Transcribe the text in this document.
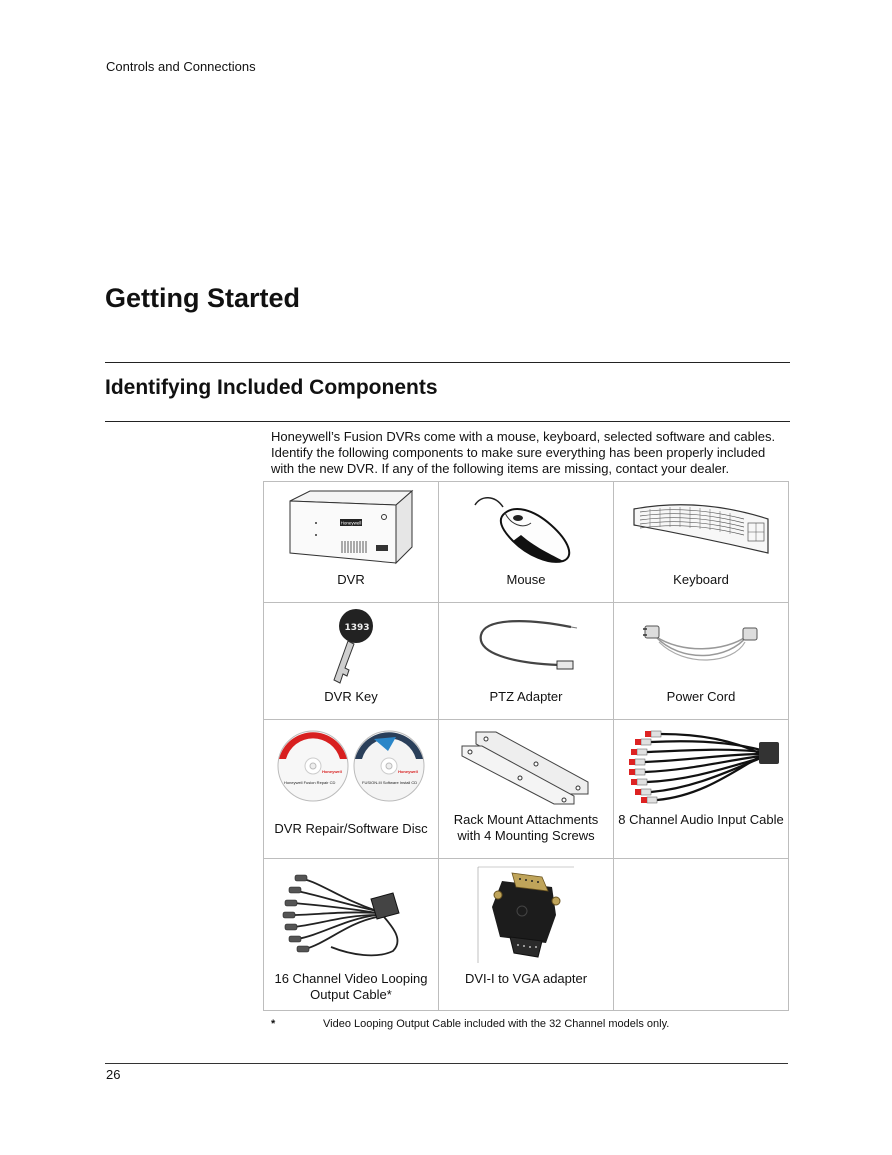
Controls and Connections
Getting Started
Identifying Included Components

Honeywell’s Fusion DVRs come with a mouse, keyboard, selected software and cables. Identify the following components to make sure everything has been properly included with the new DVR. If any of the following items are missing, contact your dealer.

Honeywell
DVR	Mouse	Keyboard

1393
DVR Key	PTZ Adapter	Power Cord

Honeywell Fusion Repair CD
Honeywell
FUSION-III Software Install CD
Honeywell
DVR Repair/Software Disc	Rack Mount Attachments with 4 Mounting Screws	8 Channel Audio Input Cable

16 Channel Video Looping Output Cable*	DVI-I to VGA adapter	

*	Video Looping Output Cable included with the 32 Channel models only.
26
